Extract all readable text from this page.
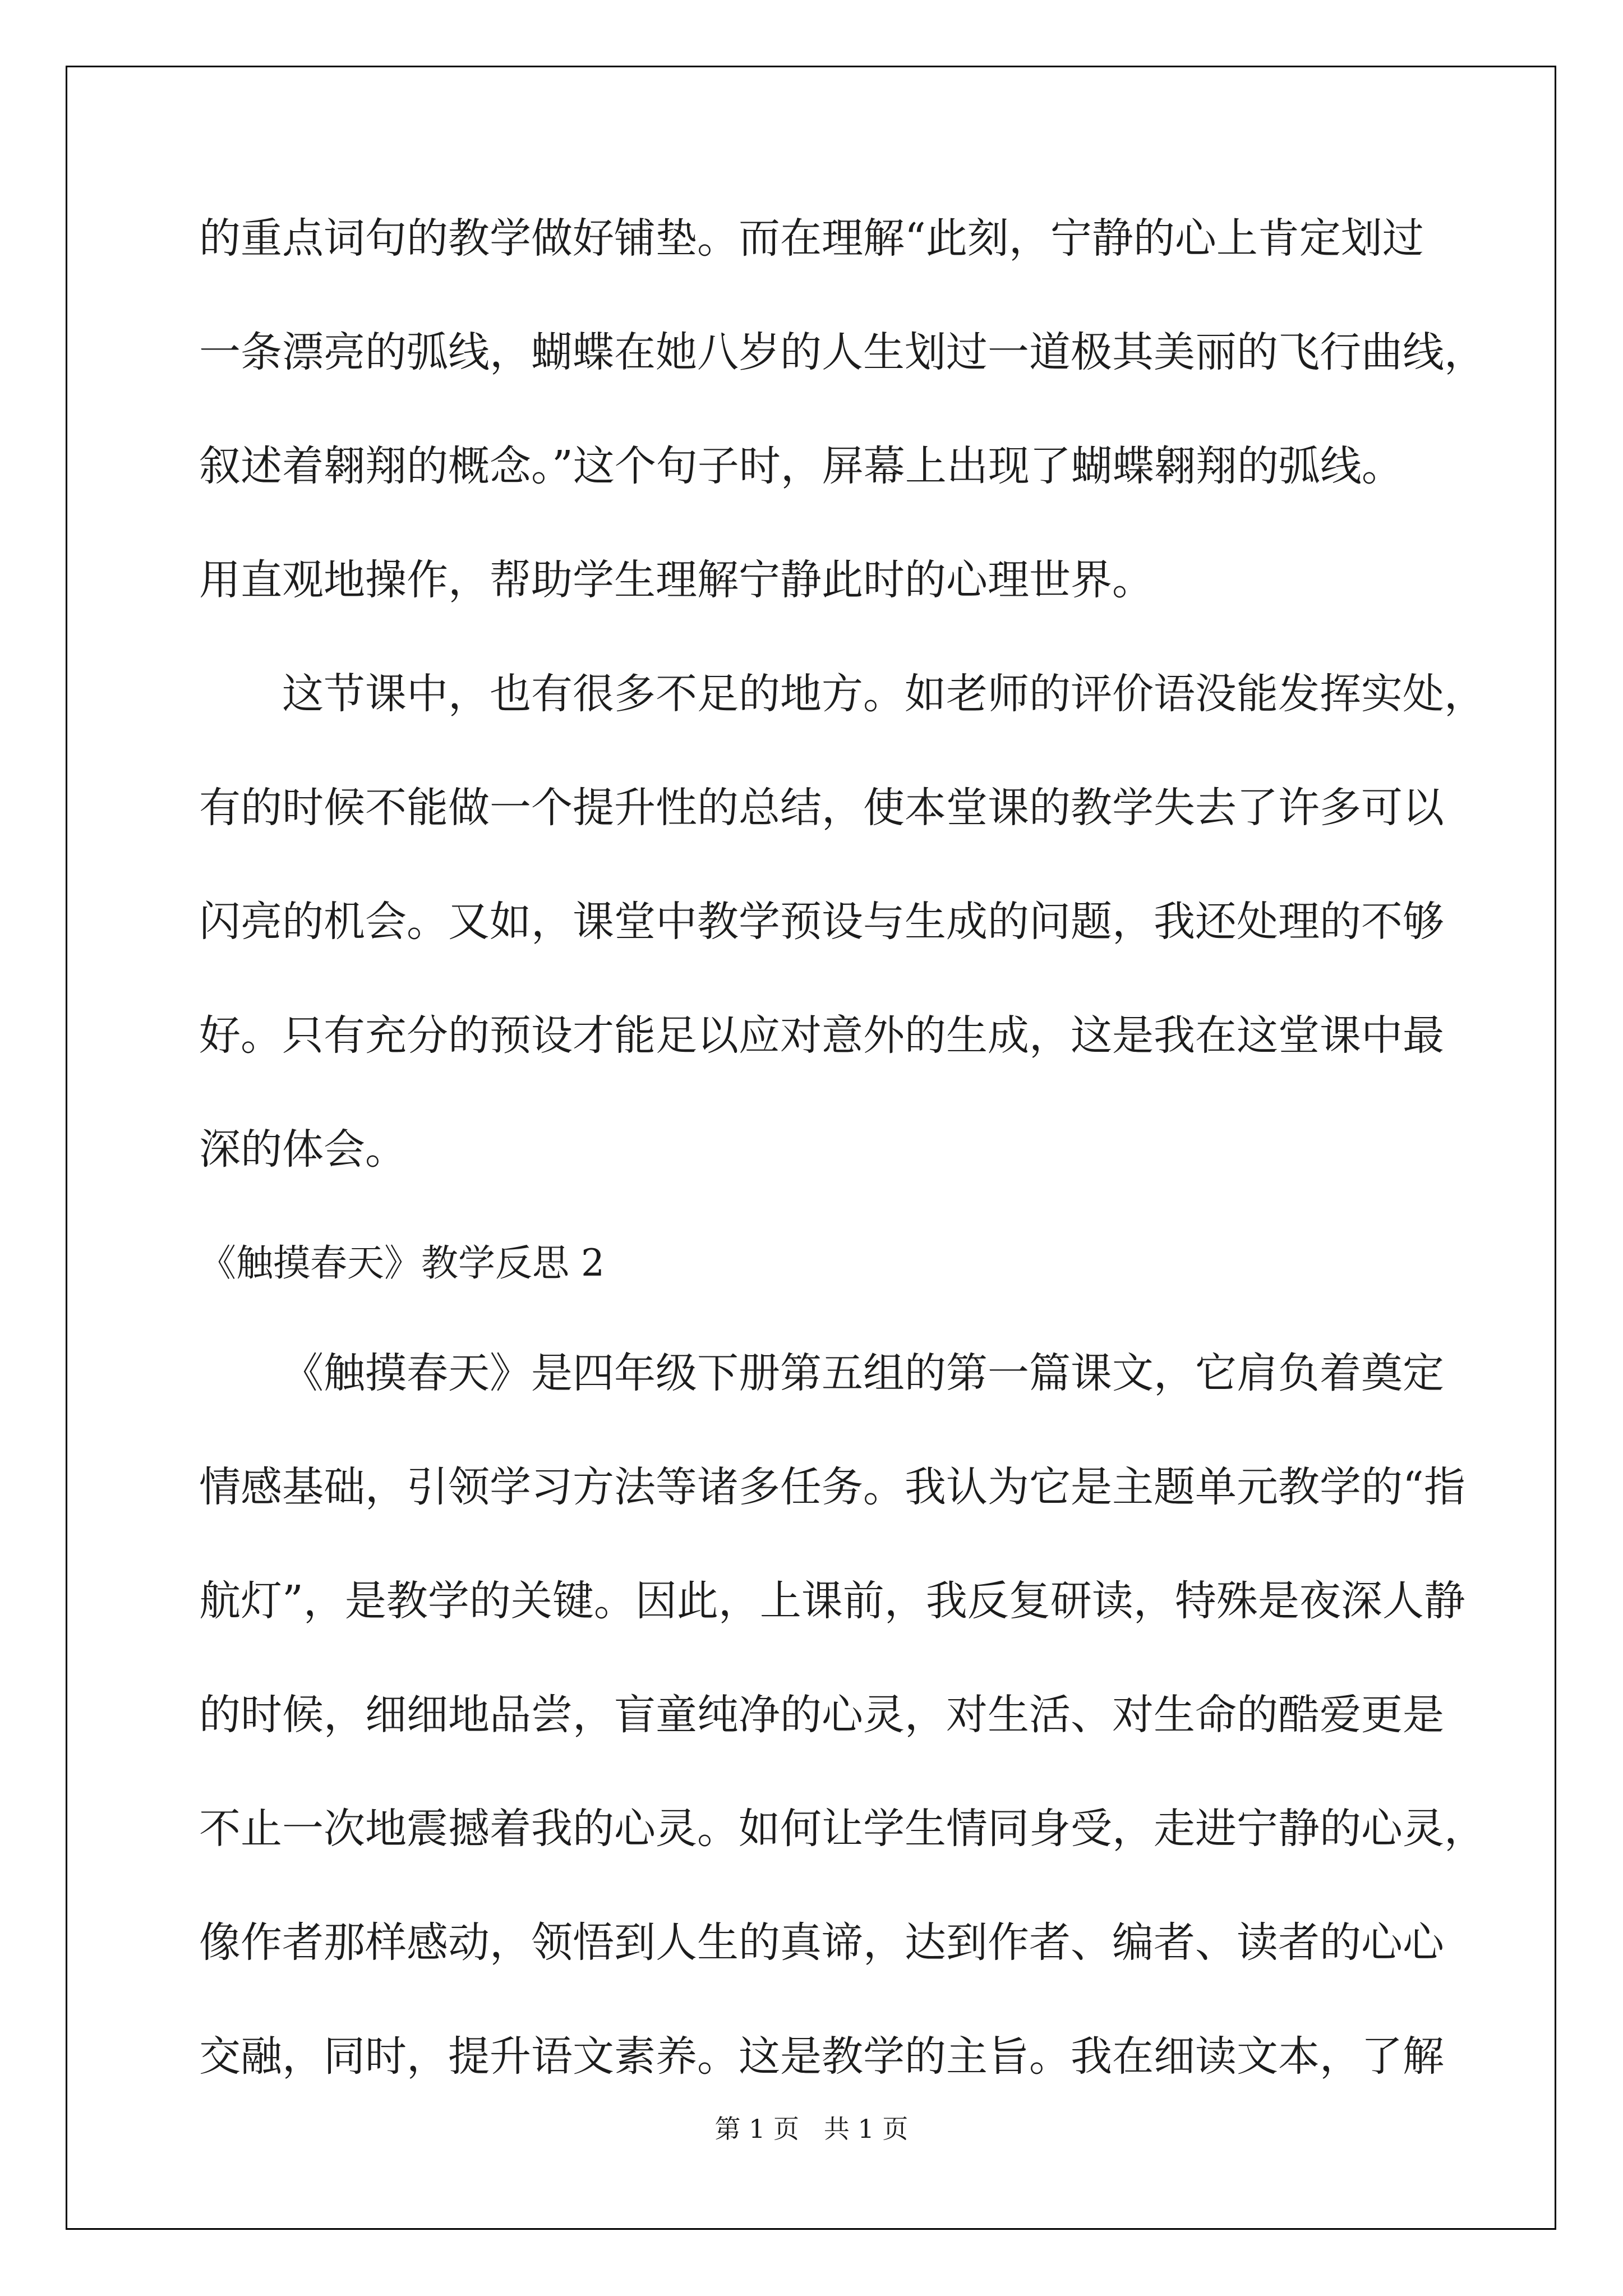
的重点词句的教学做好铺垫。而在理解“此刻，宁静的心上肯定划过
一条漂亮的弧线，蝴蝶在她八岁的人生划过一道极其美丽的飞行曲线，
叙述着翱翔的概念。”这个句子时，屏幕上出现了蝴蝶翱翔的弧线。
用直观地操作，帮助学生理解宁静此时的心理世界。
这节课中，也有很多不足的地方。如老师的评价语没能发挥实处，
有的时候不能做一个提升性的总结，使本堂课的教学失去了许多可以
闪亮的机会。又如，课堂中教学预设与生成的问题，我还处理的不够
好。只有充分的预设才能足以应对意外的生成，这是我在这堂课中最
深的体会。
《触摸春天》教学反思 2
《触摸春天》是四年级下册第五组的第一篇课文，它肩负着奠定
情感基础，引领学习方法等诸多任务。我认为它是主题单元教学的“指
航灯”，是教学的关键。因此，上课前，我反复研读，特殊是夜深人静
的时候，细细地品尝，盲童纯净的心灵，对生活、对生命的酷爱更是
不止一次地震撼着我的心灵。如何让学生情同身受，走进宁静的心灵，
像作者那样感动，领悟到人生的真谛，达到作者、编者、读者的心心
交融，同时，提升语文素养。这是教学的主旨。我在细读文本，了解
第 1 页   共 1 页
